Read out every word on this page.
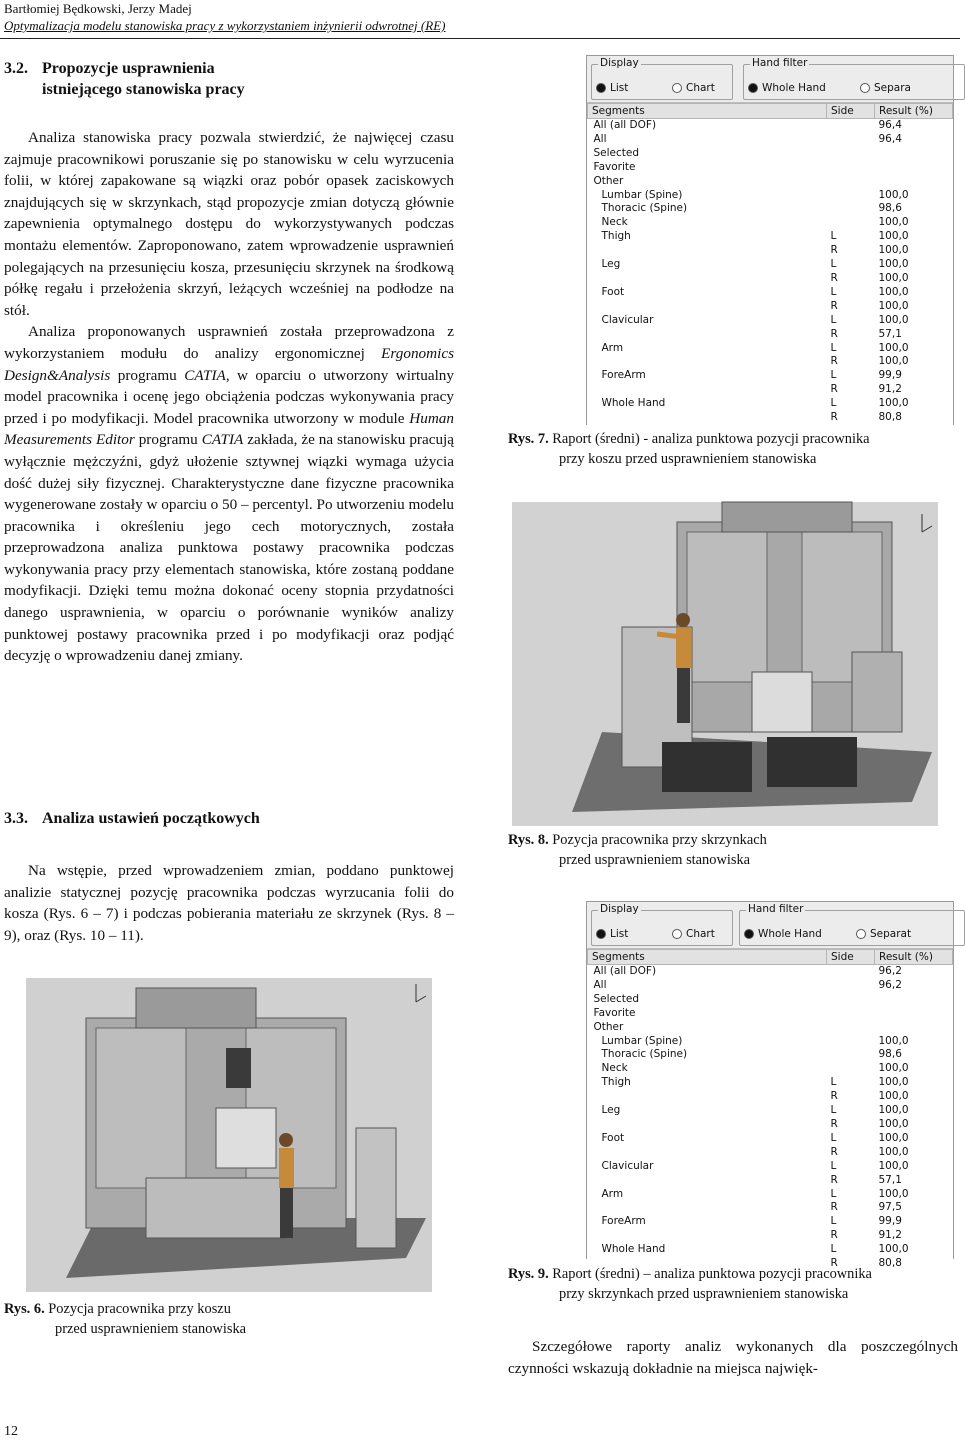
Bartłomiej Będkowski, Jerzy Madej
Optymalizacja modelu stanowiska pracy z wykorzystaniem inżynierii odwrotnej (RE)
3.2. Propozycje usprawnienia
istniejącego stanowiska pracy

Analiza stanowiska pracy pozwala stwierdzić, że najwięcej czasu zajmuje pracownikowi poruszanie się po stanowisku w celu wyrzucenia folii, w której zapakowane są wiązki oraz pobór opasek zaciskowych znajdujących się w skrzynkach, stąd propozycje zmian dotyczą głównie zapewnienia optymalnego dostępu do wykorzystywanych podczas montażu elementów. Zaproponowano, zatem wprowadzenie usprawnień polegających na przesunięciu kosza, przesunięciu skrzynek na środkową półkę regału i przełożenia skrzyń, leżących wcześniej na podłodze na stół.

Analiza proponowanych usprawnień została przeprowadzona z wykorzystaniem modułu do analizy ergonomicznej Ergonomics Design&Analysis programu CATIA, w oparciu o utworzony wirtualny model pracownika i ocenę jego obciążenia podczas wykonywania pracy przed i po modyfikacji. Model pracownika utworzony w module Human Measurements Editor programu CATIA zakłada, że na stanowisku pracują wyłącznie mężczyźni, gdyż ułożenie sztywnej wiązki wymaga użycia dość dużej siły fizycznej. Charakterystyczne dane fizyczne pracownika wygenerowane zostały w oparciu o 50 – percentyl. Po utworzeniu modelu pracownika i określeniu jego cech motorycznych, została przeprowadzona analiza punktowa postawy pracownika podczas wykonywania pracy przy elementach stanowiska, które zostaną poddane modyfikacji. Dzięki temu można dokonać oceny stopnia przydatności danego usprawnienia, w oparciu o porównanie wyników analizy punktowej postawy pracownika przed i po modyfikacji oraz podjąć decyzję o wprowadzeniu danej zmiany.

3.3. Analiza ustawień początkowych

Na wstępie, przed wprowadzeniem zmian, poddano punktowej analizie statycznej pozycję pracownika podczas wyrzucania folii do kosza (Rys. 6 – 7) i podczas pobierania materiału ze skrzynek (Rys. 8 – 9), oraz (Rys. 10 – 11).

Display
List	Chart
Hand filter
Whole Hand	Separa
Segments	Side	Result (%)
All (all DOF)		96,4
All		96,4
Selected		
Favorite		
Other		
Lumbar (Spine)		100,0
Thoracic (Spine)		98,6
Neck		100,0
Thigh	L	100,0
	R	100,0
Leg	L	100,0
	R	100,0
Foot	L	100,0
	R	100,0
Clavicular	L	100,0
	R	57,1
Arm	L	100,0
	R	100,0
ForeArm	L	99,9
	R	91,2
Whole Hand	L	100,0
	R	80,8
Rys. 7. Raport (średni) - analiza punktowa pozycji pracownika
przy koszu przed usprawnieniem stanowiska
Rys. 8. Pozycja pracownika przy skrzynkach
przed usprawnieniem stanowiska
Display
List	Chart
Hand filter
Whole Hand	Separat
Segments	Side	Result (%)
All (all DOF)		96,2
All		96,2
Selected		
Favorite		
Other		
Lumbar (Spine)		100,0
Thoracic (Spine)		98,6
Neck		100,0
Thigh	L	100,0
	R	100,0
Leg	L	100,0
	R	100,0
Foot	L	100,0
	R	100,0
Clavicular	L	100,0
	R	57,1
Arm	L	100,0
	R	97,5
ForeArm	L	99,9
	R	91,2
Whole Hand	L	100,0
	R	80,8
Rys. 9. Raport (średni) – analiza punktowa pozycji pracownika
przy skrzynkach przed usprawnieniem stanowiska
Rys. 6. Pozycja pracownika przy koszu
przed usprawnieniem stanowiska

Szczegółowe raporty analiz wykonanych dla poszczególnych czynności wskazują dokładnie na miejsca najwięk-

12
